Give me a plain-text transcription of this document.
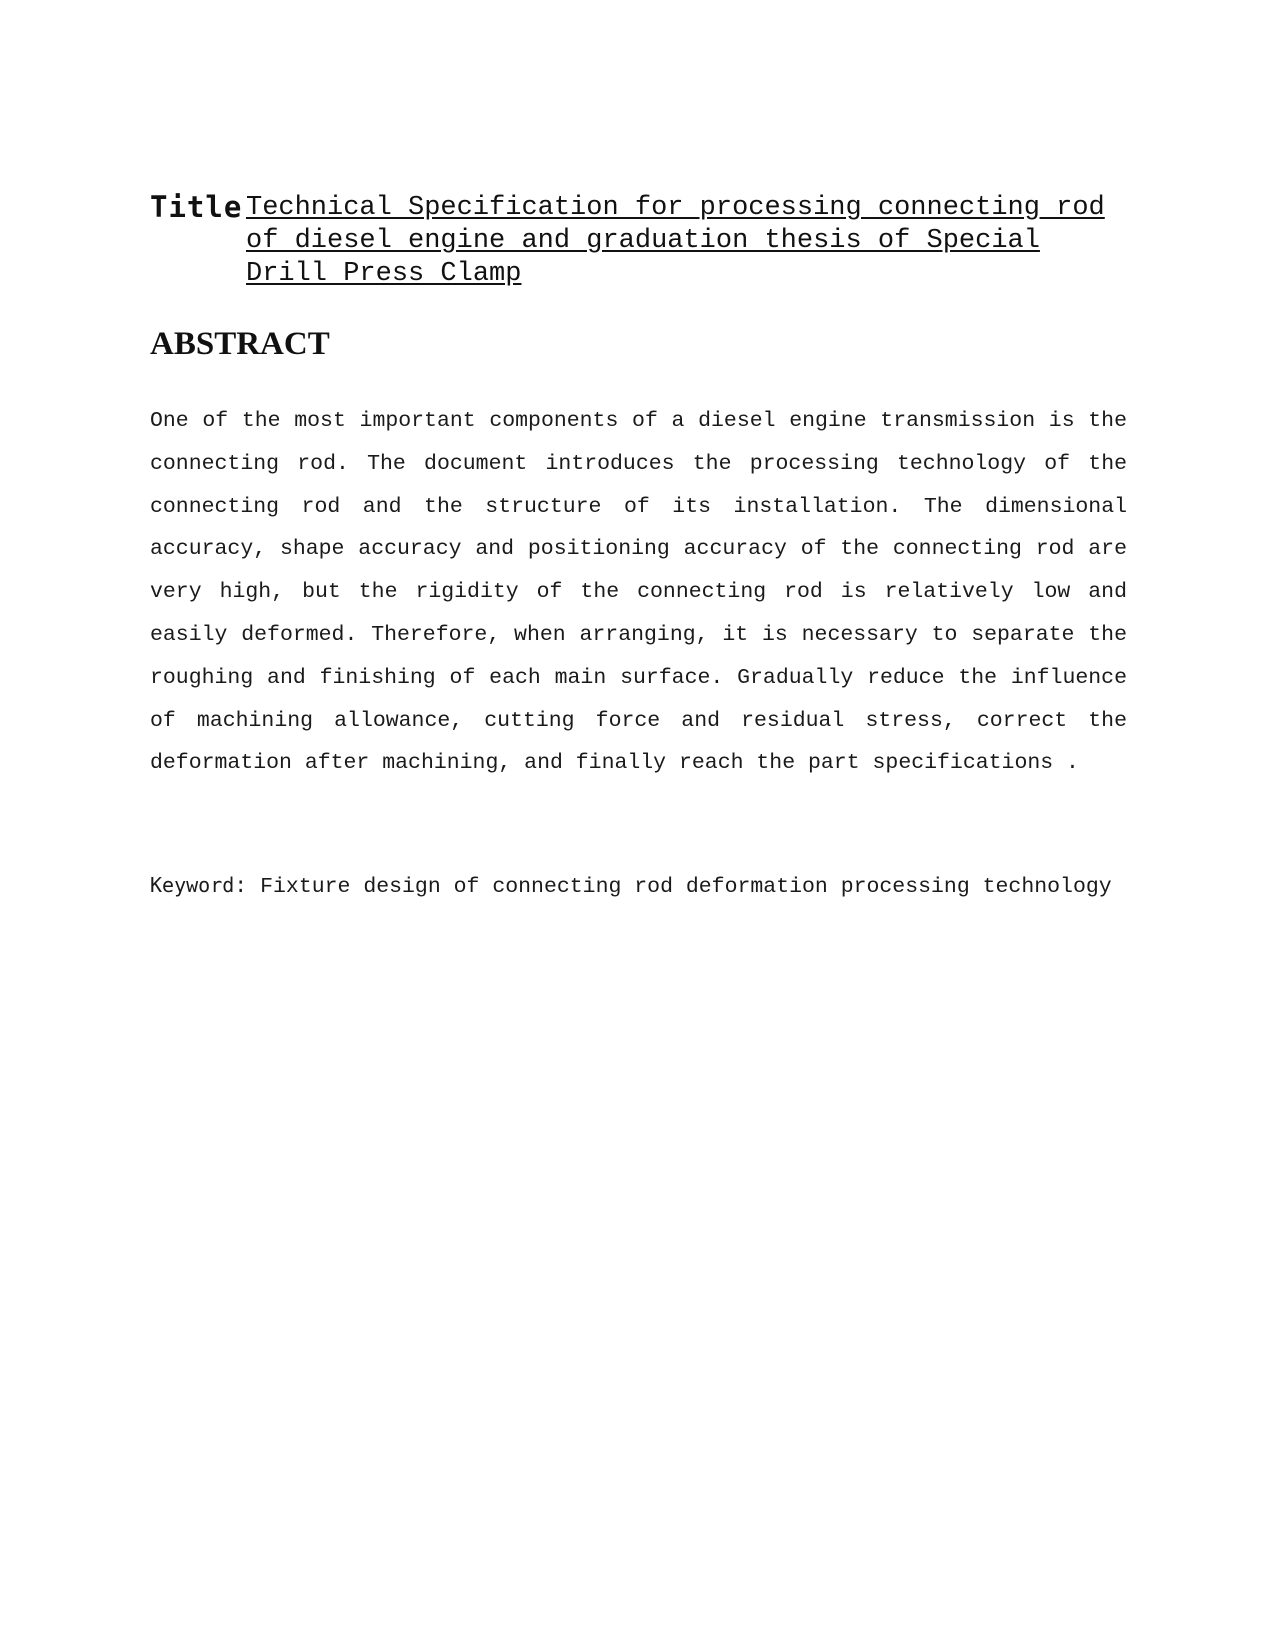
Title Technical Specification for processing connecting rod of diesel engine and graduation thesis of Special Drill Press Clamp

ABSTRACT

One of the most important components of a diesel engine transmission is the connecting rod. The document introduces the processing technology of the connecting rod and the structure of its installation. The dimensional accuracy, shape accuracy and positioning accuracy of the connecting rod are very high, but the rigidity of the connecting rod is relatively low and easily deformed. Therefore, when arranging, it is necessary to separate the roughing and finishing of each main surface. Gradually reduce the influence of machining allowance, cutting force and residual stress, correct the deformation after machining, and finally reach the part specifications .

Keyword: Fixture design of connecting rod deformation processing technology
